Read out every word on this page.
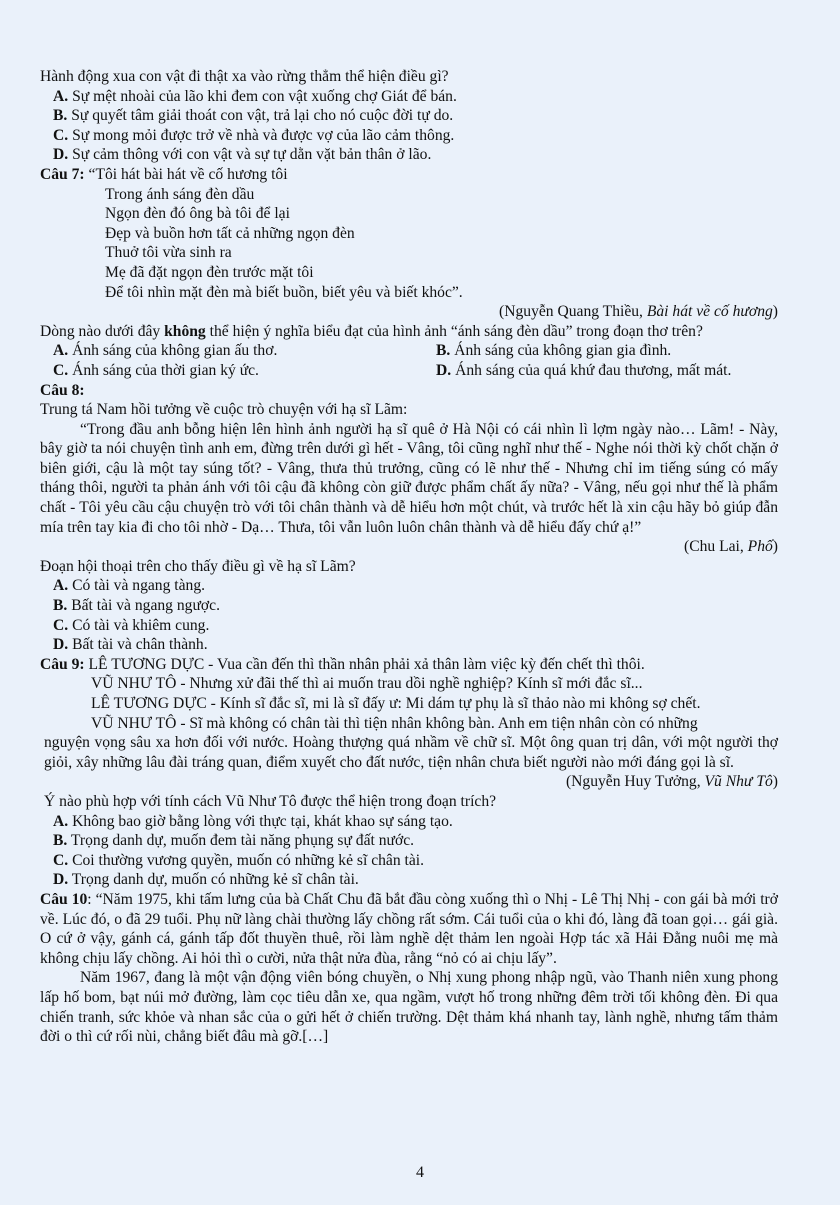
Hành động xua con vật đi thật xa vào rừng thẳm thể hiện điều gì?
A. Sự mệt nhoài của lão khi đem con vật xuống chợ Giát để bán.
B. Sự quyết tâm giải thoát con vật, trả lại cho nó cuộc đời tự do.
C. Sự mong mỏi được trở về nhà và được vợ của lão cảm thông.
D. Sự cảm thông với con vật và sự tự dằn vặt bản thân ở lão.
Câu 7: “Tôi hát bài hát về cố hương tôi
Trong ánh sáng đèn dầu
Ngọn đèn đó ông bà tôi để lại
Đẹp và buồn hơn tất cả những ngọn đèn
Thuở tôi vừa sinh ra
Mẹ đã đặt ngọn đèn trước mặt tôi
Để tôi nhìn mặt đèn mà biết buồn, biết yêu và biết khóc”.
(Nguyễn Quang Thiều, Bài hát về cố hương)
Dòng nào dưới đây không thể hiện ý nghĩa biểu đạt của hình ảnh “ánh sáng đèn dầu” trong đoạn thơ trên?
A. Ánh sáng của không gian ấu thơ.	B. Ánh sáng của không gian gia đình.
C. Ánh sáng của thời gian ký ức.	D. Ánh sáng của quá khứ đau thương, mất mát.
Câu 8:
Trung tá Nam hồi tưởng về cuộc trò chuyện với hạ sĩ Lãm:
“Trong đầu anh bỗng hiện lên hình ảnh người hạ sĩ quê ở Hà Nội có cái nhìn lì lợm ngày nào… Lãm! - Này, bây giờ ta nói chuyện tình anh em, đừng trên dưới gì hết - Vâng, tôi cũng nghĩ như thế - Nghe nói thời kỳ chốt chặn ở biên giới, cậu là một tay súng tốt? - Vâng, thưa thủ trưởng, cũng có lẽ như thế - Nhưng chỉ im tiếng súng có mấy tháng thôi, người ta phản ánh với tôi cậu đã không còn giữ được phẩm chất ấy nữa? - Vâng, nếu gọi như thế là phẩm chất - Tôi yêu cầu cậu chuyện trò với tôi chân thành và dễ hiểu hơn một chút, và trước hết là xin cậu hãy bỏ giúp đẫn mía trên tay kia đi cho tôi nhờ - Dạ… Thưa, tôi vẫn luôn luôn chân thành và dễ hiểu đấy chứ ạ!”
(Chu Lai, Phố)
Đoạn hội thoại trên cho thấy điều gì về hạ sĩ Lãm?
A. Có tài và ngang tàng.
B. Bất tài và ngang ngược.
C. Có tài và khiêm cung.
D. Bất tài và chân thành.
Câu 9: LÊ TƯƠNG DỰC - Vua cần đến thì thần nhân phải xả thân làm việc kỳ đến chết thì thôi.
VŨ NHƯ TÔ - Nhưng xử đãi thế thì ai muốn trau dồi nghề nghiệp? Kính sĩ mới đắc sĩ...
LÊ TƯƠNG DỰC - Kính sĩ đắc sĩ, mi là sĩ đấy ư: Mi dám tự phụ là sĩ thảo nào mi không sợ chết.
VŨ NHƯ TÔ - Sĩ mà không có chân tài thì tiện nhân không bàn. Anh em tiện nhân còn có những
nguyện vọng sâu xa hơn đối với nước. Hoàng thượng quá nhầm về chữ sĩ. Một ông quan trị dân, với một người thợ giỏi, xây những lâu đài tráng quan, điểm xuyết cho đất nước, tiện nhân chưa biết người nào mới đáng gọi là sĩ.
(Nguyễn Huy Tưởng, Vũ Như Tô)
Ý nào phù hợp với tính cách Vũ Như Tô được thể hiện trong đoạn trích?
A. Không bao giờ bằng lòng với thực tại, khát khao sự sáng tạo.
B. Trọng danh dự, muốn đem tài năng phụng sự đất nước.
C. Coi thường vương quyền, muốn có những kẻ sĩ chân tài.
D. Trọng danh dự, muốn có những kẻ sĩ chân tài.
Câu 10: “Năm 1975, khi tấm lưng của bà Chất Chu đã bắt đầu còng xuống thì o Nhị - Lê Thị Nhị - con gái bà mới trở về. Lúc đó, o đã 29 tuổi. Phụ nữ làng chài thường lấy chồng rất sớm. Cái tuổi của o khi đó, làng đã toan gọi… gái già. O cứ ở vậy, gánh cá, gánh tấp đốt thuyền thuê, rồi làm nghề dệt thảm len ngoài Hợp tác xã Hải Đằng nuôi mẹ mà không chịu lấy chồng. Ai hỏi thì o cười, nửa thật nửa đùa, rằng “nỏ có ai chịu lấy”.
Năm 1967, đang là một vận động viên bóng chuyền, o Nhị xung phong nhập ngũ, vào Thanh niên xung phong lấp hố bom, bạt núi mở đường, làm cọc tiêu dẫn xe, qua ngầm, vượt hố trong những đêm trời tối không đèn. Đi qua chiến tranh, sức khỏe và nhan sắc của o gửi hết ở chiến trường. Dệt thảm khá nhanh tay, lành nghề, nhưng tấm thảm đời o thì cứ rối nùi, chẳng biết đâu mà gỡ.[…]
4
